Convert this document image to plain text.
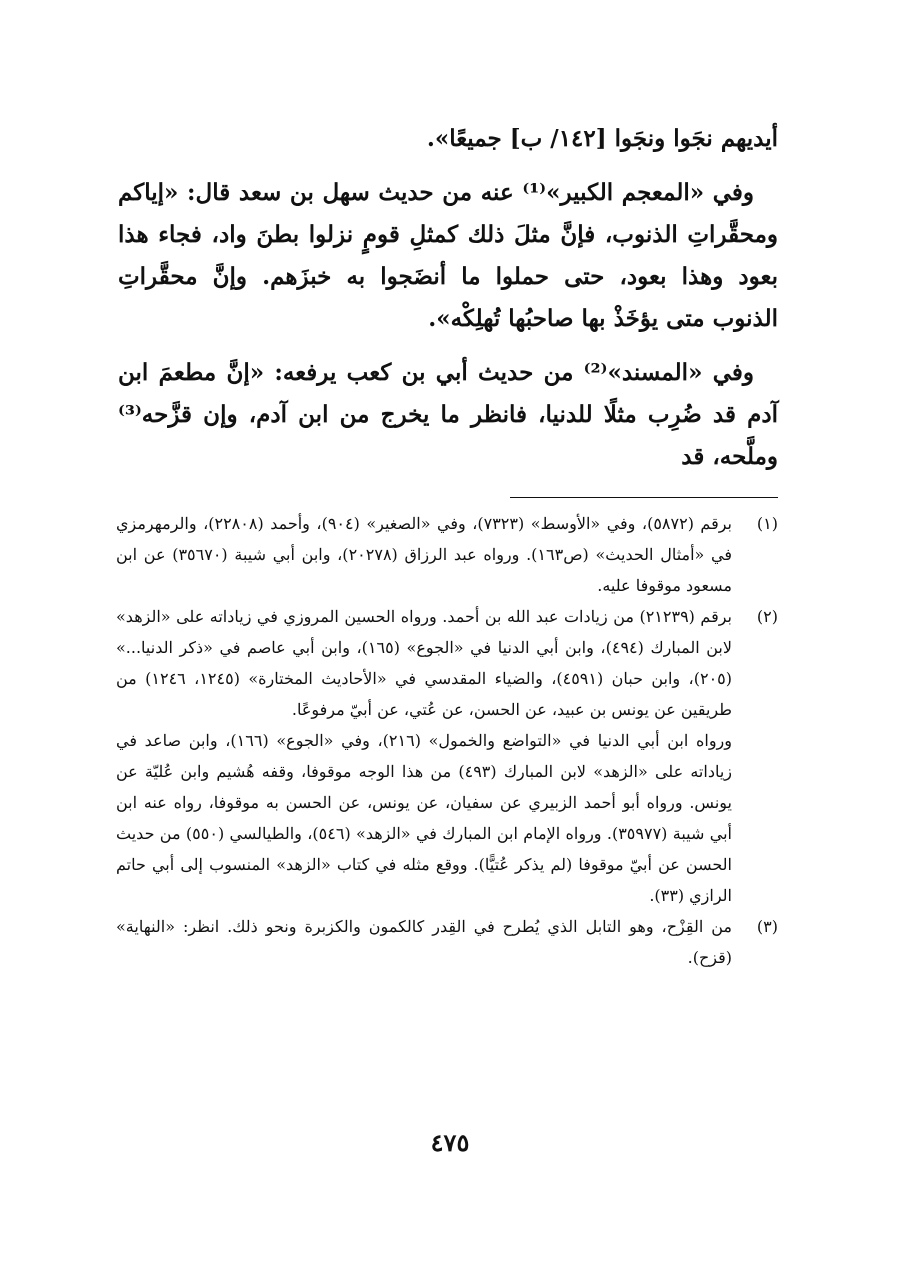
أيديهم نجَوا ونجَوا [١٤٢/ ب] جميعًا».

وفي «المعجم الكبير»⁽¹⁾ عنه من حديث سهل بن سعد قال: «إياكم ومحقَّراتِ الذنوب، فإنَّ مثلَ ذلك كمثلِ قومٍ نزلوا بطنَ واد، فجاء هذا بعود وهذا بعود، حتى حملوا ما أنضَجوا به خبزَهم. وإنَّ محقَّراتِ الذنوب متى يؤخَذْ بها صاحبُها تُهلِكْه».

وفي «المسند»⁽²⁾ من حديث أبي بن كعب يرفعه: «إنَّ مطعمَ ابن آدم قد ضُرِب مثلًا للدنيا، فانظر ما يخرج من ابن آدم، وإن قزَّحه⁽³⁾ وملَّحه، قد

(١)

برقم (٥٨٧٢)، وفي «الأوسط» (٧٣٢٣)، وفي «الصغير» (٩٠٤)، وأحمد (٢٢٨٠٨)، والرمهرمزي في «أمثال الحديث» (ص١٦٣). ورواه عبد الرزاق (٢٠٢٧٨)، وابن أبي شيبة (٣٥٦٧٠) عن ابن مسعود موقوفا عليه.

(٢)

برقم (٢١٢٣٩) من زيادات عبد الله بن أحمد. ورواه الحسين المروزي في زياداته على «الزهد» لابن المبارك (٤٩٤)، وابن أبي الدنيا في «الجوع» (١٦٥)، وابن أبي عاصم في «ذكر الدنيا...» (٢٠٥)، وابن حبان (٤٥٩١)، والضياء المقدسي في «الأحاديث المختارة» (١٢٤٥، ١٢٤٦) من طريقين عن يونس بن عبيد، عن الحسن، عن عُتي، عن أبيّ مرفوعًا.

ورواه ابن أبي الدنيا في «التواضع والخمول» (٢١٦)، وفي «الجوع» (١٦٦)، وابن صاعد في زياداته على «الزهد» لابن المبارك (٤٩٣) من هذا الوجه موقوفا، وقفه هُشيم وابن عُليّة عن يونس. ورواه أبو أحمد الزبيري عن سفيان، عن يونس، عن الحسن به موقوفا، رواه عنه ابن أبي شيبة (٣٥٩٧٧). ورواه الإمام ابن المبارك في «الزهد» (٥٤٦)، والطيالسي (٥٥٠) من حديث الحسن عن أبيّ موقوفا (لم يذكر عُتيًّا). ووقع مثله في كتاب «الزهد» المنسوب إلى أبي حاتم الرازي (٣٣).

(٣)

من القِزْح، وهو التابل الذي يُطرح في القِدر كالكمون والكزبرة ونحو ذلك. انظر: «النهاية» (قزح).

٤٧٥
